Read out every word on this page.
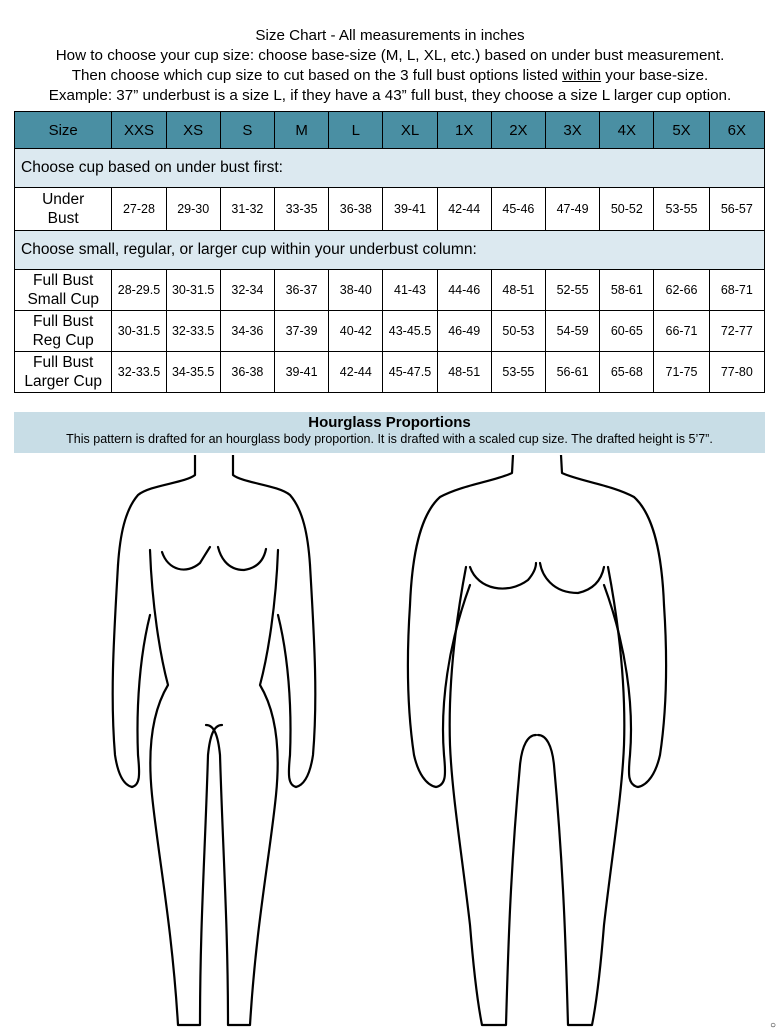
Size Chart - All measurements in inches
How to choose your cup size: choose base-size (M, L, XL, etc.) based on under bust measurement.
Then choose which cup size to cut based on the 3 full bust options listed within your base-size.
Example: 37” underbust is a size L, if they have a 43” full bust, they choose a size L larger cup option.
Size	XXS	XS	S	M	L	XL	1X	2X	3X	4X	5X	6X
Choose cup based on under bust first:												
Under
Bust	27-28	29-30	31-32	33-35	36-38	39-41	42-44	45-46	47-49	50-52	53-55	56-57
Choose small, regular, or larger cup within your underbust column:												
Full Bust
Small Cup	28-29.5	30-31.5	32-34	36-37	38-40	41-43	44-46	48-51	52-55	58-61	62-66	68-71
Full Bust
Reg Cup	30-31.5	32-33.5	34-36	37-39	40-42	43-45.5	46-49	50-53	54-59	60-65	66-71	72-77
Full Bust
Larger Cup	32-33.5	34-35.5	36-38	39-41	42-44	45-47.5	48-51	53-55	56-61	65-68	71-75	77-80
Hourglass Proportions
This pattern is drafted for an hourglass body proportion. It is drafted with a scaled cup size. The drafted height is 5’7”.
○
